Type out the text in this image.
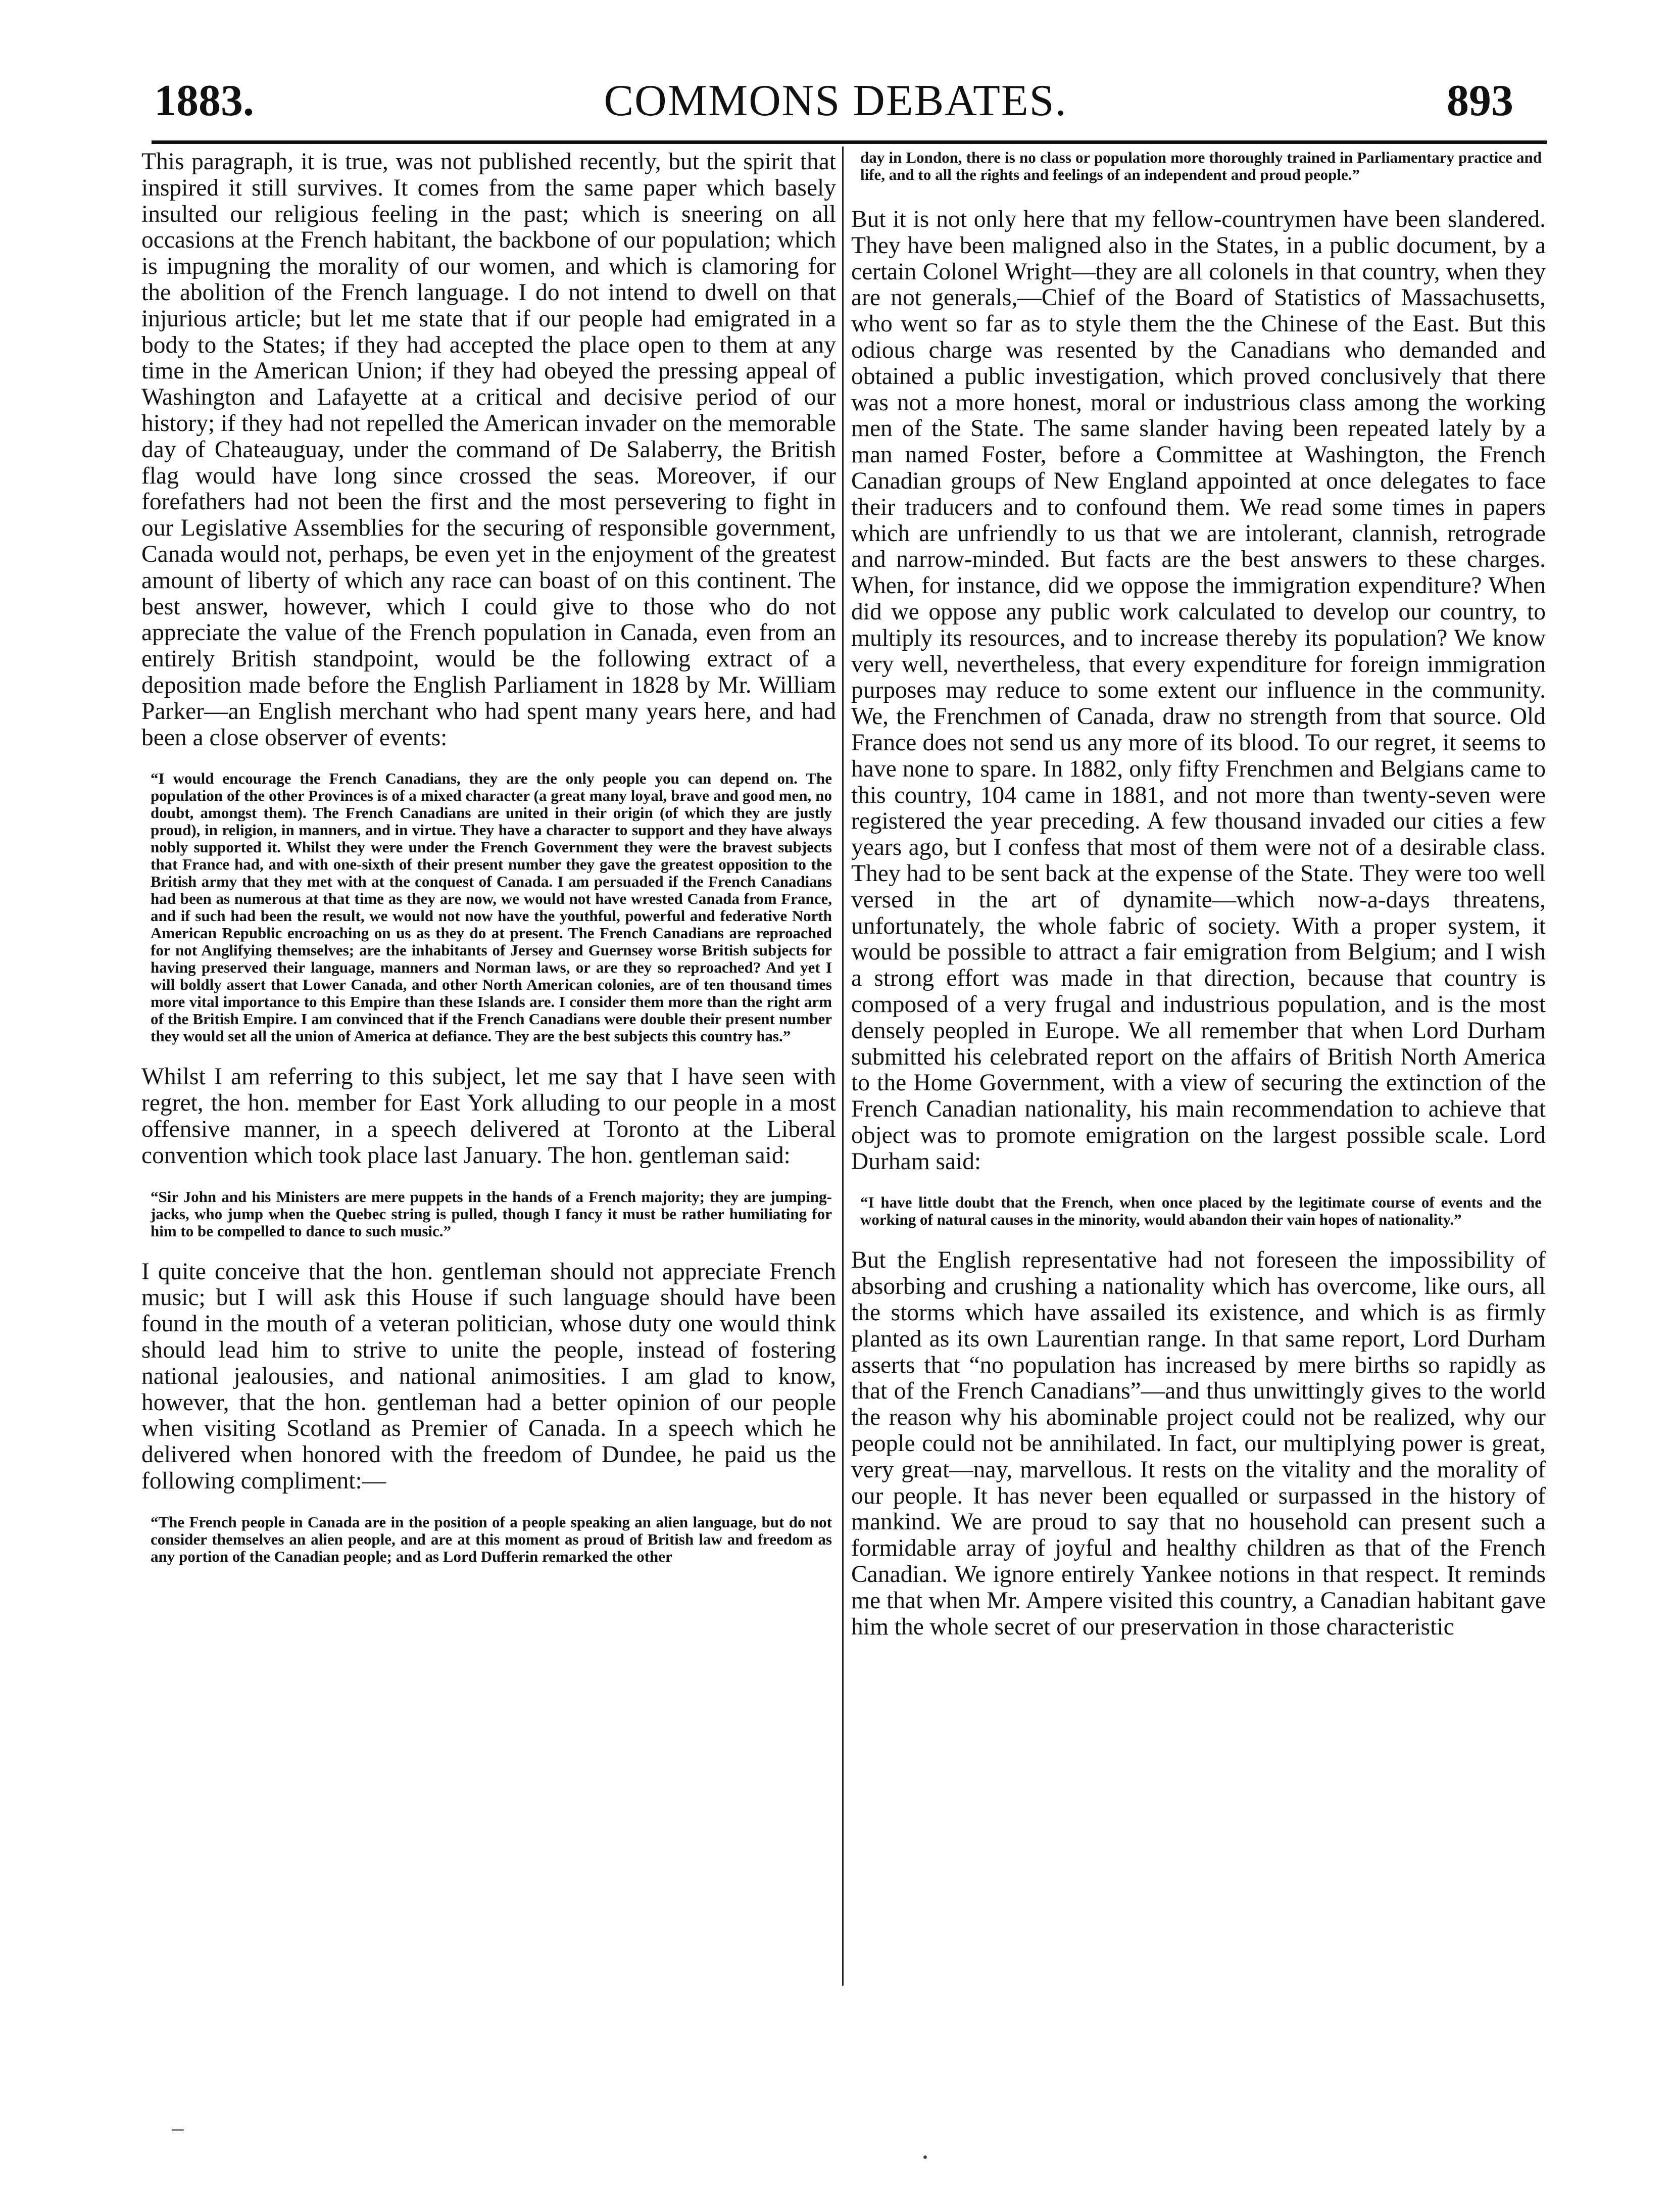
COMMONS DEBATES.
1883.	893

This paragraph, it is true, was not published recently, but the spirit that inspired it still survives. It comes from the same paper which basely insulted our religious feeling in the past; which is sneering on all occasions at the French habitant, the backbone of our population; which is impugning the morality of our women, and which is clamoring for the abolition of the French language. I do not intend to dwell on that injurious article; but let me state that if our people had emigrated in a body to the States; if they had accepted the place open to them at any time in the American Union; if they had obeyed the pressing appeal of Washington and Lafayette at a critical and decisive period of our history; if they had not repelled the American invader on the memorable day of Chateauguay, under the command of De Salaberry, the British flag would have long since crossed the seas. Moreover, if our forefathers had not been the first and the most persevering to fight in our Legislative Assemblies for the securing of responsible government, Canada would not, perhaps, be even yet in the enjoyment of the greatest amount of liberty of which any race can boast of on this continent. The best answer, however, which I could give to those who do not appreciate the value of the French population in Canada, even from an entirely British standpoint, would be the following extract of a deposition made before the English Parliament in 1828 by Mr. William Parker—an English merchant who had spent many years here, and had been a close observer of events:

“I would encourage the French Canadians, they are the only people you can depend on. The population of the other Provinces is of a mixed character (a great many loyal, brave and good men, no doubt, amongst them). The French Canadians are united in their origin (of which they are justly proud), in religion, in manners, and in virtue. They have a character to support and they have always nobly supported it. Whilst they were under the French Government they were the bravest subjects that France had, and with one-sixth of their present number they gave the greatest opposition to the British army that they met with at the conquest of Canada. I am persuaded if the French Canadians had been as numerous at that time as they are now, we would not have wrested Canada from France, and if such had been the result, we would not now have the youthful, powerful and federative North American Republic encroaching on us as they do at present. The French Canadians are reproached for not Anglifying themselves; are the inhabitants of Jersey and Guernsey worse British subjects for having preserved their language, manners and Norman laws, or are they so reproached? And yet I will boldly assert that Lower Canada, and other North American colonies, are of ten thousand times more vital importance to this Empire than these Islands are. I consider them more than the right arm of the British Empire. I am convinced that if the French Canadians were double their present number they would set all the union of America at defiance. They are the best subjects this country has.”

Whilst I am referring to this subject, let me say that I have seen with regret, the hon. member for East York alluding to our people in a most offensive manner, in a speech delivered at Toronto at the Liberal convention which took place last January. The hon. gentleman said:

“Sir John and his Ministers are mere puppets in the hands of a French majority; they are jumping-jacks, who jump when the Quebec string is pulled, though I fancy it must be rather humiliating for him to be compelled to dance to such music.”

I quite conceive that the hon. gentleman should not appreciate French music; but I will ask this House if such language should have been found in the mouth of a veteran politician, whose duty one would think should lead him to strive to unite the people, instead of fostering national jealousies, and national animosities. I am glad to know, however, that the hon. gentleman had a better opinion of our people when visiting Scotland as Premier of Canada. In a speech which he delivered when honored with the freedom of Dundee, he paid us the following compliment:—

“The French people in Canada are in the position of a people speaking an alien language, but do not consider themselves an alien people, and are at this moment as proud of British law and freedom as any portion of the Canadian people; and as Lord Dufferin remarked the other

day in London, there is no class or population more thoroughly trained in Parliamentary practice and life, and to all the rights and feelings of an independent and proud people.”

But it is not only here that my fellow-countrymen have been slandered. They have been maligned also in the States, in a public document, by a certain Colonel Wright—they are all colonels in that country, when they are not generals,—Chief of the Board of Statistics of Massachusetts, who went so far as to style them the the Chinese of the East. But this odious charge was resented by the Canadians who demanded and obtained a public investigation, which proved conclusively that there was not a more honest, moral or industrious class among the working men of the State. The same slander having been repeated lately by a man named Foster, before a Committee at Washington, the French Canadian groups of New England appointed at once delegates to face their traducers and to confound them. We read some times in papers which are unfriendly to us that we are intolerant, clannish, retrograde and narrow-minded. But facts are the best answers to these charges. When, for instance, did we oppose the immigration expenditure? When did we oppose any public work calculated to develop our country, to multiply its resources, and to increase thereby its population? We know very well, nevertheless, that every expenditure for foreign immigration purposes may reduce to some extent our influence in the community. We, the Frenchmen of Canada, draw no strength from that source. Old France does not send us any more of its blood. To our regret, it seems to have none to spare. In 1882, only fifty Frenchmen and Belgians came to this country, 104 came in 1881, and not more than twenty-seven were registered the year preceding. A few thousand invaded our cities a few years ago, but I confess that most of them were not of a desirable class. They had to be sent back at the expense of the State. They were too well versed in the art of dynamite—which now-a-days threatens, unfortunately, the whole fabric of society. With a proper system, it would be possible to attract a fair emigration from Belgium; and I wish a strong effort was made in that direction, because that country is composed of a very frugal and industrious population, and is the most densely peopled in Europe. We all remember that when Lord Durham submitted his celebrated report on the affairs of British North America to the Home Government, with a view of securing the extinction of the French Canadian nationality, his main recommendation to achieve that object was to promote emigration on the largest possible scale. Lord Durham said:

“I have little doubt that the French, when once placed by the legitimate course of events and the working of natural causes in the minority, would abandon their vain hopes of nationality.”

But the English representative had not foreseen the impossibility of absorbing and crushing a nationality which has overcome, like ours, all the storms which have assailed its existence, and which is as firmly planted as its own Laurentian range. In that same report, Lord Durham asserts that “no population has increased by mere births so rapidly as that of the French Canadians”—and thus unwittingly gives to the world the reason why his abominable project could not be realized, why our people could not be annihilated. In fact, our multiplying power is great, very great—nay, marvellous. It rests on the vitality and the morality of our people. It has never been equalled or surpassed in the history of mankind. We are proud to say that no household can present such a formidable array of joyful and healthy children as that of the French Canadian. We ignore entirely Yankee notions in that respect. It reminds me that when Mr. Ampere visited this country, a Canadian habitant gave him the whole secret of our preservation in those characteristic
